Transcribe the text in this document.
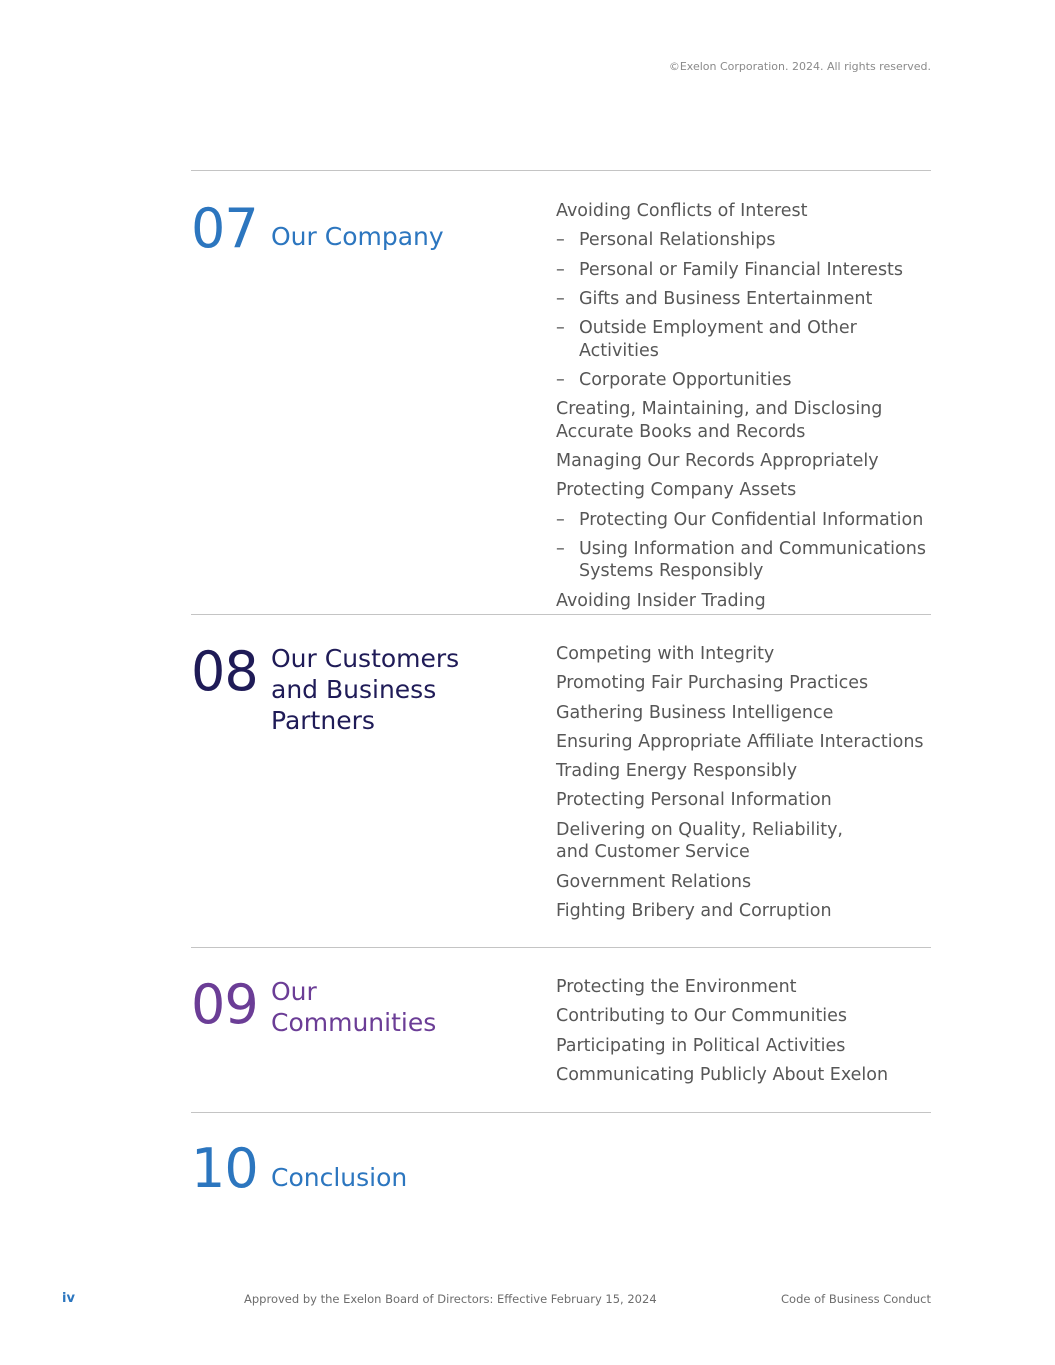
©Exelon Corporation. 2024. All rights reserved.
07 Our Company
Avoiding Conflicts of Interest
– Personal Relationships
– Personal or Family Financial Interests
– Gifts and Business Entertainment
– Outside Employment and Other Activities
– Corporate Opportunities
Creating, Maintaining, and Disclosing Accurate Books and Records
Managing Our Records Appropriately
Protecting Company Assets
– Protecting Our Confidential Information
– Using Information and Communications Systems Responsibly
Avoiding Insider Trading
08 Our Customers and Business Partners
Competing with Integrity
Promoting Fair Purchasing Practices
Gathering Business Intelligence
Ensuring Appropriate Affiliate Interactions
Trading Energy Responsibly
Protecting Personal Information
Delivering on Quality, Reliability, and Customer Service
Government Relations
Fighting Bribery and Corruption
09 Our Communities
Protecting the Environment
Contributing to Our Communities
Participating in Political Activities
Communicating Publicly About Exelon
10 Conclusion
iv	Approved by the Exelon Board of Directors: Effective February 15, 2024	Code of Business Conduct
